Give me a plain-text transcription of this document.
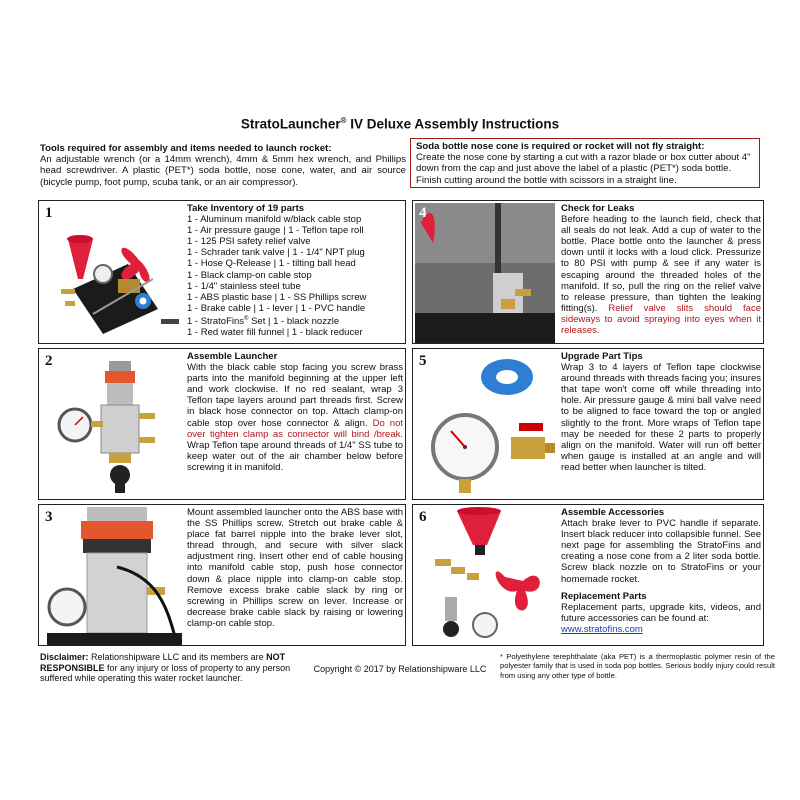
StratoLauncher® IV Deluxe Assembly Instructions
Tools required for assembly and items needed to launch rocket:
An adjustable wrench (or a 14mm wrench), 4mm & 5mm hex wrench, and Phillips head screwdriver. A plastic (PET*) soda bottle, nose cone, water, and air source (bicycle pump, foot pump, scuba tank, or an air compressor).
Soda bottle nose cone is required or rocket will not fly straight:
Create the nose cone by starting a cut with a razor blade or box cutter about 4" down from the cap and just above the label of a plastic (PET*) soda bottle. Finish cutting around the bottle with scissors in a straight line.
1	Take Inventory of 19 parts
1 - Aluminum manifold w/black cable stop
1 - Air pressure gauge | 1 - Teflon tape roll
1 - 125 PSI safety relief valve
1 - Schrader tank valve | 1 - 1/4" NPT plug
1 - Hose Q-Release | 1 - tilting ball head
1 - Black clamp-on cable stop
1 - 1/4" stainless steel tube
1 - ABS plastic base | 1 - SS Phillips screw
1 - Brake cable | 1 - lever | 1 - PVC handle
1 - StratoFins® Set | 1 - black nozzle
1 - Red water fill funnel | 1 - black reducer
2	Assemble Launcher
With the black cable stop facing you screw brass parts into the manifold beginning at the upper left and work clockwise. If no red sealant, wrap 3 Teflon tape layers around part threads first. Screw in black hose connector on top. Attach clamp-on cable stop over hose connector & align. Do not over tighten clamp as connector will bind /break. Wrap Teflon tape around threads of 1/4" SS tube to keep water out of the air chamber below before screwing it in manifold.
3	Mount assembled launcher onto the ABS base with the SS Phillips screw. Stretch out brake cable & place fat barrel nipple into the brake lever slot, thread through, and secure with silver slack adjustment ring. Insert other end of cable housing into manifold cable stop, push hose connector down & place nipple into clamp-on cable stop. Remove excess brake cable slack by ring or screwing in Phillips screw on lever. Increase or decrease brake cable slack by raising or lowering clamp-on cable stop.
4	Check for Leaks
Before heading to the launch field, check that all seals do not leak. Add a cup of water to the bottle. Place bottle onto the launcher & press down until it locks with a loud click. Pressurize to 80 PSI with pump & see if any water is escaping around the threaded holes of the manifold. If so, pull the ring on the relief valve to release pressure, than tighten the leaking fitting(s). Relief valve slits should face sideways to avoid spraying into eyes when it releases.
5	Upgrade Part Tips
Wrap 3 to 4 layers of Teflon tape clockwise around threads with threads facing you; insures that tape won't come off while threading into hole. Air pressure gauge & mini ball valve need to be aligned to face toward the top or angled slightly to the front. More wraps of Teflon tape may be needed for these 2 parts to properly align on the manifold. Water will run off better when gauge is installed at an angle and will read better when launcher is tilted.
6	Assemble Accessories
Attach brake lever to PVC handle if separate. Insert black reducer into collapsible funnel. See next page for assembling the StratoFins and creating a nose cone from a 2 liter soda bottle. Screw black nozzle on to StratoFins or your homemade rocket.
Replacement Parts
Replacement parts, upgrade kits, videos, and future accessories can be found at:
www.stratofins.com
Disclaimer: Relationshipware LLC and its members are NOT RESPONSIBLE for any injury or loss of property to any person suffered while operating this water rocket launcher.
Copyright © 2017 by Relationshipware LLC
* Polyethylene terephthalate (aka PET) is a thermoplastic polymer resin of the polyester family that is used in soda pop bottles. Serious bodily injury could result from using any other type of bottle.
